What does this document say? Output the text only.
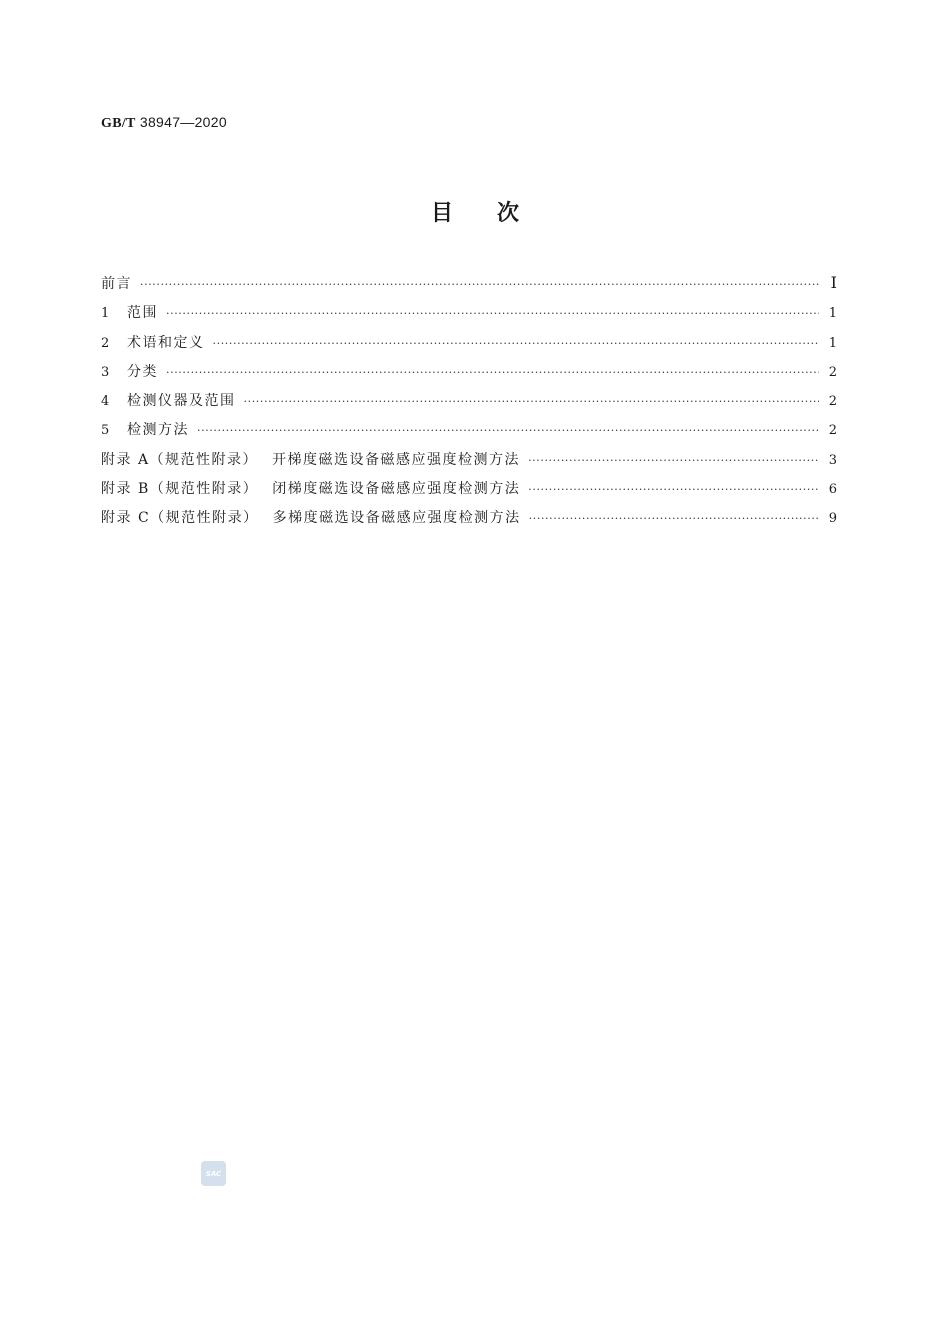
GB/T 38947—2020
目次
前言 ·····	Ⅰ
1	范围 ·····	1
2	术语和定义 ·····	1
3	分类 ·····	2
4	检测仪器及范围 ·····	2
5	检测方法 ·····	2
附录 A（规范性附录） 开梯度磁选设备磁感应强度检测方法 ·····	3
附录 B（规范性附录） 闭梯度磁选设备磁感应强度检测方法 ·····	6
附录 C（规范性附录） 多梯度磁选设备磁感应强度检测方法 ·····	9
SAC
